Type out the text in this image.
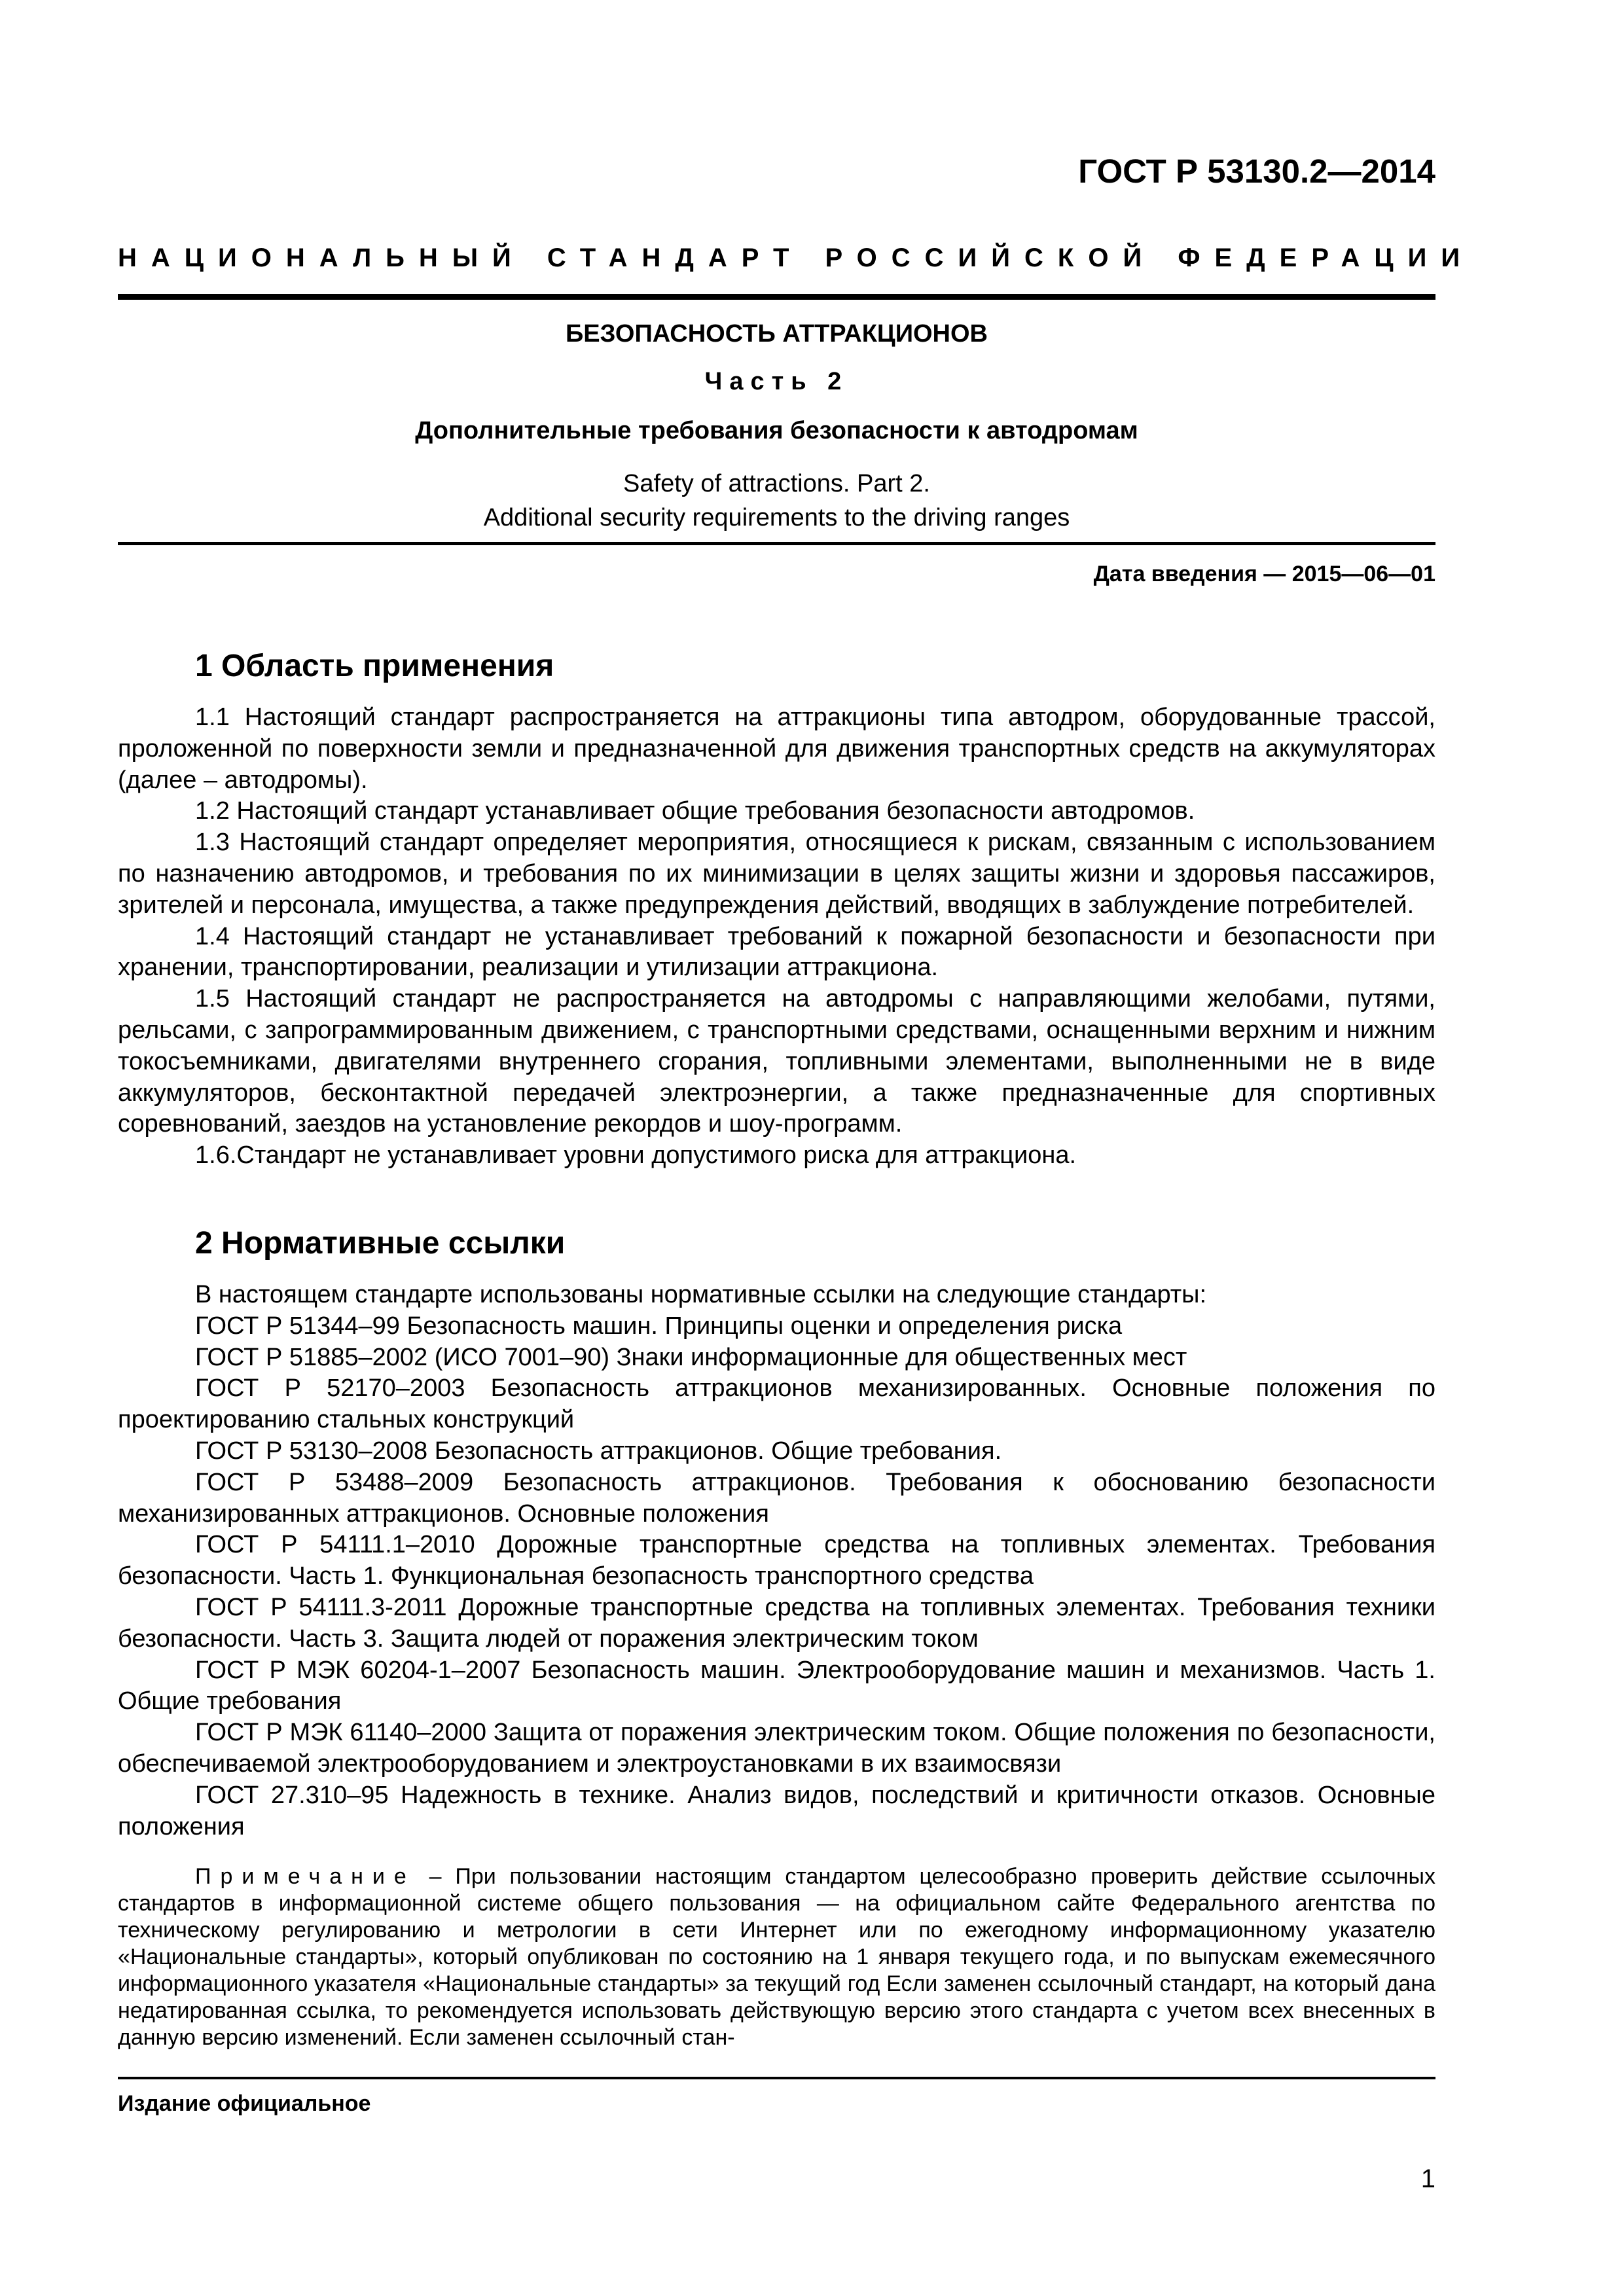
ГОСТ Р 53130.2—2014
НАЦИОНАЛЬНЫЙ СТАНДАРТ РОССИЙСКОЙ ФЕДЕРАЦИИ
БЕЗОПАСНОСТЬ АТТРАКЦИОНОВ
Часть 2
Дополнительные требования безопасности к автодромам
Safety of attractions. Part 2.
Additional security requirements to the driving ranges
Дата введения — 2015—06—01
1 Область применения

1.1 Настоящий стандарт распространяется на аттракционы типа автодром, оборудованные трассой, проложенной по поверхности земли и предназначенной для движения транспортных средств на аккумуляторах (далее – автодромы).

1.2 Настоящий стандарт устанавливает общие требования безопасности автодромов.

1.3 Настоящий стандарт определяет мероприятия, относящиеся к рискам, связанным с использованием по назначению автодромов, и требования по их минимизации в целях защиты жизни и здоровья пассажиров, зрителей и персонала, имущества, а также предупреждения действий, вводящих в заблуждение потребителей.

1.4 Настоящий стандарт не устанавливает требований к пожарной безопасности и безопасности при хранении, транспортировании, реализации и утилизации аттракциона.

1.5 Настоящий стандарт не распространяется на автодромы с направляющими желобами, путями, рельсами, с запрограммированным движением, с транспортными средствами, оснащенными верхним и нижним токосъемниками, двигателями внутреннего сгорания, топливными элементами, выполненными не в виде аккумуляторов, бесконтактной передачей электроэнергии, а также предназначенные для спортивных соревнований, заездов на установление рекордов и шоу-программ.

1.6.Стандарт не устанавливает уровни допустимого риска для аттракциона.

2 Нормативные ссылки

В настоящем стандарте использованы нормативные ссылки на следующие стандарты:

ГОСТ Р 51344–99 Безопасность машин. Принципы оценки и определения риска

ГОСТ Р 51885–2002 (ИСО 7001–90) Знаки информационные для общественных мест

ГОСТ Р 52170–2003 Безопасность аттракционов механизированных. Основные положения по проектированию стальных конструкций

ГОСТ Р 53130–2008 Безопасность аттракционов. Общие требования.

ГОСТ Р 53488–2009 Безопасность аттракционов. Требования к обоснованию безопасности механизированных аттракционов. Основные положения

ГОСТ Р 54111.1–2010 Дорожные транспортные средства на топливных элементах. Требования безопасности. Часть 1. Функциональная безопасность транспортного средства

ГОСТ Р 54111.3-2011 Дорожные транспортные средства на топливных элементах. Требования техники безопасности. Часть 3. Защита людей от поражения электрическим током

ГОСТ Р МЭК 60204-1–2007 Безопасность машин. Электрооборудование машин и механизмов. Часть 1. Общие требования

ГОСТ Р МЭК 61140–2000 Защита от поражения электрическим током. Общие положения по безопасности, обеспечиваемой электрооборудованием и электроустановками в их взаимосвязи

ГОСТ 27.310–95 Надежность в технике. Анализ видов, последствий и критичности отказов. Основные положения

Примечание – При пользовании настоящим стандартом целесообразно проверить действие ссылочных стандартов в информационной системе общего пользования — на официальном сайте Федерального агентства по техническому регулированию и метрологии в сети Интернет или по ежегодному информационному указателю «Национальные стандарты», который опубликован по состоянию на 1 января текущего года, и по выпускам ежемесячного информационного указателя «Национальные стандарты» за текущий год Если заменен ссылочный стандарт, на который дана недатированная ссылка, то рекомендуется использовать действующую версию этого стандарта с учетом всех внесенных в данную версию изменений. Если заменен ссылочный стан-
Издание официальное
1
